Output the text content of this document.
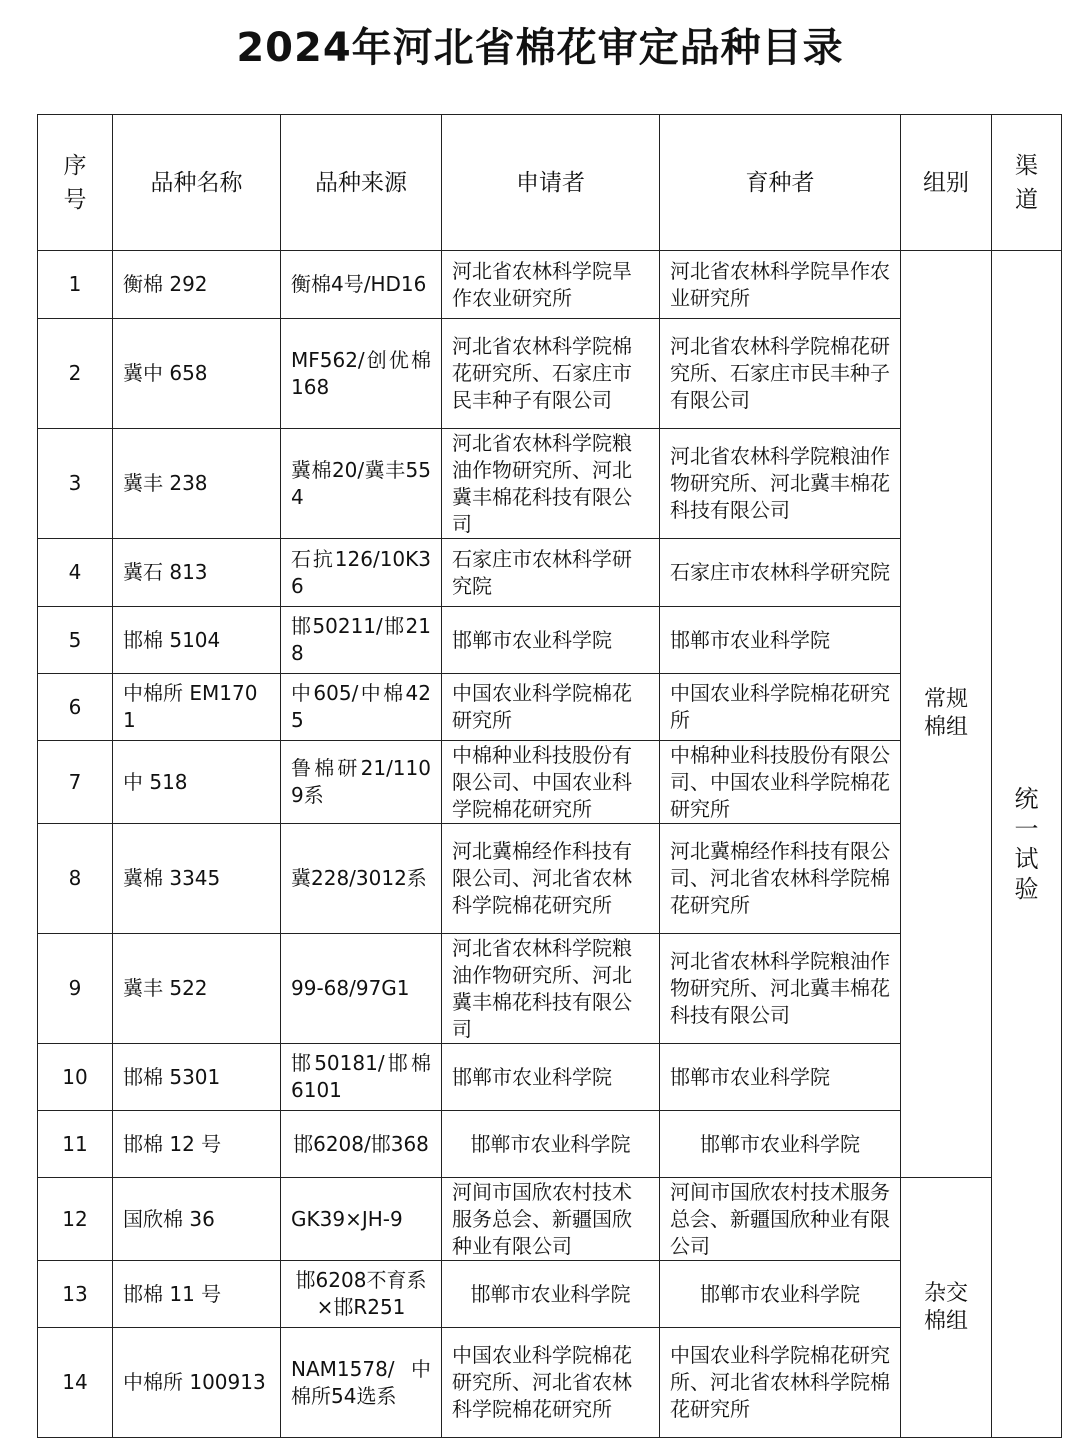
2024年河北省棉花审定品种目录
序号	品种名称	品种来源	申请者	育种者	组别	渠道
1	衡棉 292	衡棉4号/HD16	河北省农林科学院旱作农业研究所	河北省农林科学院旱作农业研究所	常规棉组	统一试验
2	冀中 658	MF562/创优棉168	河北省农林科学院棉花研究所、石家庄市民丰种子有限公司	河北省农林科学院棉花研究所、石家庄市民丰种子有限公司		
3	冀丰 238	冀棉20/冀丰554	河北省农林科学院粮油作物研究所、河北冀丰棉花科技有限公司	河北省农林科学院粮油作物研究所、河北冀丰棉花科技有限公司		
4	冀石 813	石抗126/10K36	石家庄市农林科学研究院	石家庄市农林科学研究院		
5	邯棉 5104	邯50211/邯218	邯郸市农业科学院	邯郸市农业科学院		
6	中棉所 EM1701	中605/中棉425	中国农业科学院棉花研究所	中国农业科学院棉花研究所		
7	中 518	鲁棉研21/1109系	中棉种业科技股份有限公司、中国农业科学院棉花研究所	中棉种业科技股份有限公司、中国农业科学院棉花研究所		
8	冀棉 3345	冀228/3012系	河北冀棉经作科技有限公司、河北省农林科学院棉花研究所	河北冀棉经作科技有限公司、河北省农林科学院棉花研究所		
9	冀丰 522	99-68/97G1	河北省农林科学院粮油作物研究所、河北冀丰棉花科技有限公司	河北省农林科学院粮油作物研究所、河北冀丰棉花科技有限公司		
10	邯棉 5301	邯50181/邯棉6101	邯郸市农业科学院	邯郸市农业科学院		
11	邯棉 12 号	邯6208/邯368	邯郸市农业科学院	邯郸市农业科学院		
12	国欣棉 36	GK39×JH-9	河间市国欣农村技术服务总会、新疆国欣种业有限公司	河间市国欣农村技术服务总会、新疆国欣种业有限公司	杂交棉组	
13	邯棉 11 号	邯6208不育系×邯R251	邯郸市农业科学院	邯郸市农业科学院		
14	中棉所 100913	NAM1578/中棉所54选系	中国农业科学院棉花研究所、河北省农林科学院棉花研究所	中国农业科学院棉花研究所、河北省农林科学院棉花研究所		
